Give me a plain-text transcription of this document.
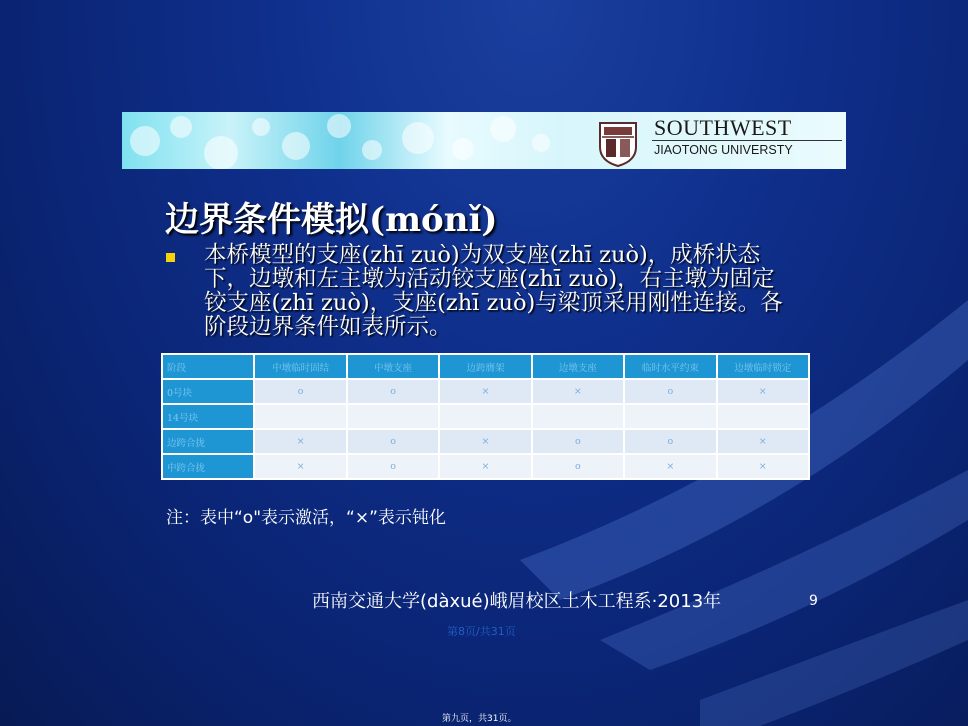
SOUTHWEST
JIAOTONG UNIVERSTY
边界条件模拟(mónǐ)
本桥模型的支座(zhī zuò)为双支座(zhī zuò)，成桥状态下，边墩和左主墩为活动铰支座(zhī zuò)，右主墩为固定铰支座(zhī zuò)，支座(zhī zuò)与梁顶采用刚性连接。各阶段边界条件如表所示。
阶段	中墩临时固结	中墩支座	边跨膺架	边墩支座	临时水平约束	边墩临时锁定
0号块	o	o	×	×	o	×
14号块						
边跨合拢	×	o	×	o	o	×
中跨合拢	×	o	×	o	×	×
注：表中“o"表示激活，“×”表示钝化
西南交通大学(dàxué)峨眉校区土木工程系·2013年	9
第8页/共31页
第九页，共31页。
